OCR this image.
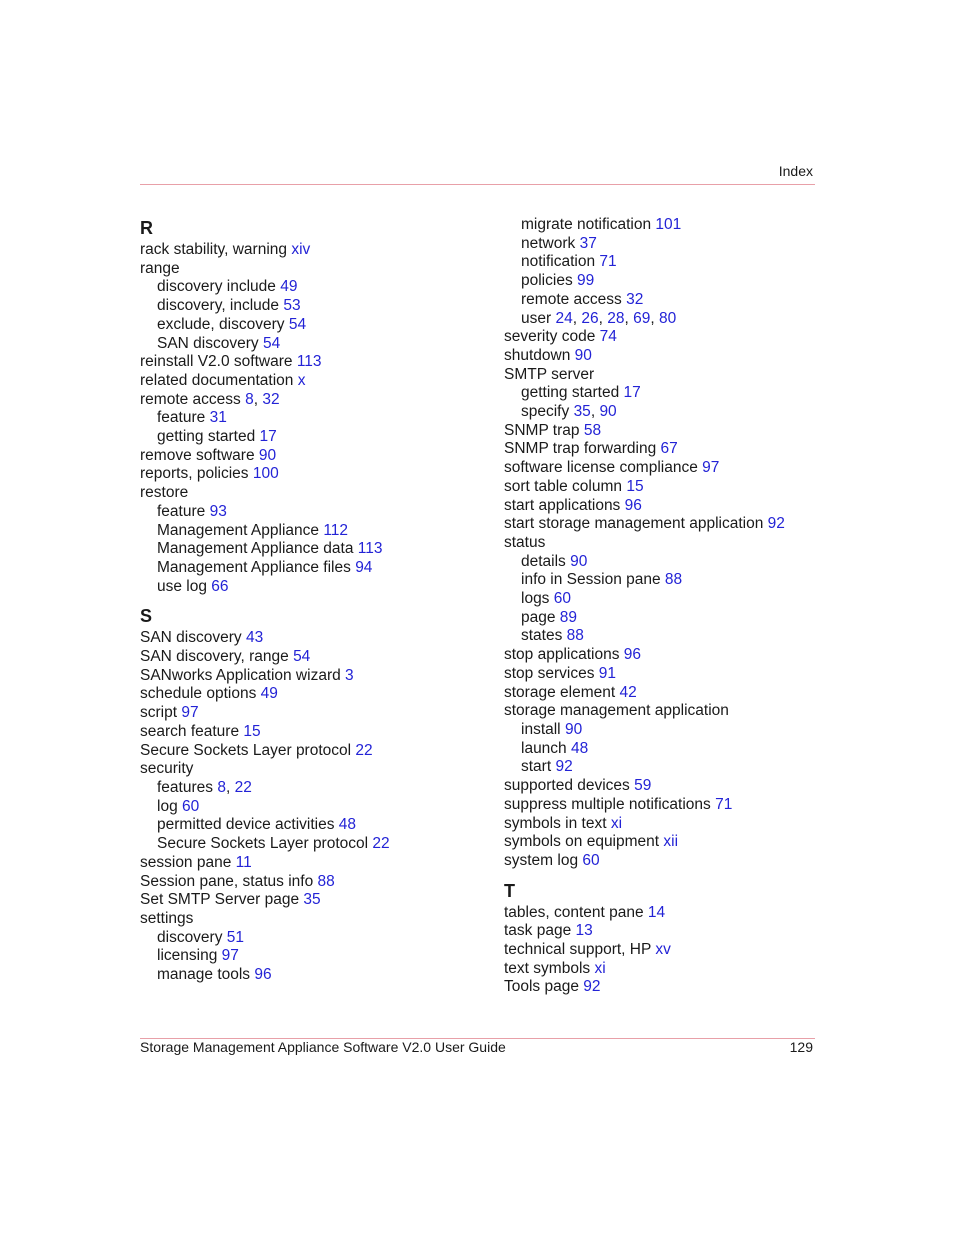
Index
R
rack stability, warning xiv
range
discovery include 49
discovery, include 53
exclude, discovery 54
SAN discovery 54
reinstall V2.0 software 113
related documentation x
remote access 8, 32
feature 31
getting started 17
remove software 90
reports, policies 100
restore
feature 93
Management Appliance 112
Management Appliance data 113
Management Appliance files 94
use log 66
S
SAN discovery 43
SAN discovery, range 54
SANworks Application wizard 3
schedule options 49
script 97
search feature 15
Secure Sockets Layer protocol 22
security
features 8, 22
log 60
permitted device activities 48
Secure Sockets Layer protocol 22
session pane 11
Session pane, status info 88
Set SMTP Server page 35
settings
discovery 51
licensing 97
manage tools 96
migrate notification 101
network 37
notification 71
policies 99
remote access 32
user 24, 26, 28, 69, 80
severity code 74
shutdown 90
SMTP server
getting started 17
specify 35, 90
SNMP trap 58
SNMP trap forwarding 67
software license compliance 97
sort table column 15
start applications 96
start storage management application 92
status
details 90
info in Session pane 88
logs 60
page 89
states 88
stop applications 96
stop services 91
storage element 42
storage management application
install 90
launch 48
start 92
supported devices 59
suppress multiple notifications 71
symbols in text xi
symbols on equipment xii
system log 60
T
tables, content pane 14
task page 13
technical support, HP xv
text symbols xi
Tools page 92
Storage Management Appliance Software V2.0 User Guide	129
